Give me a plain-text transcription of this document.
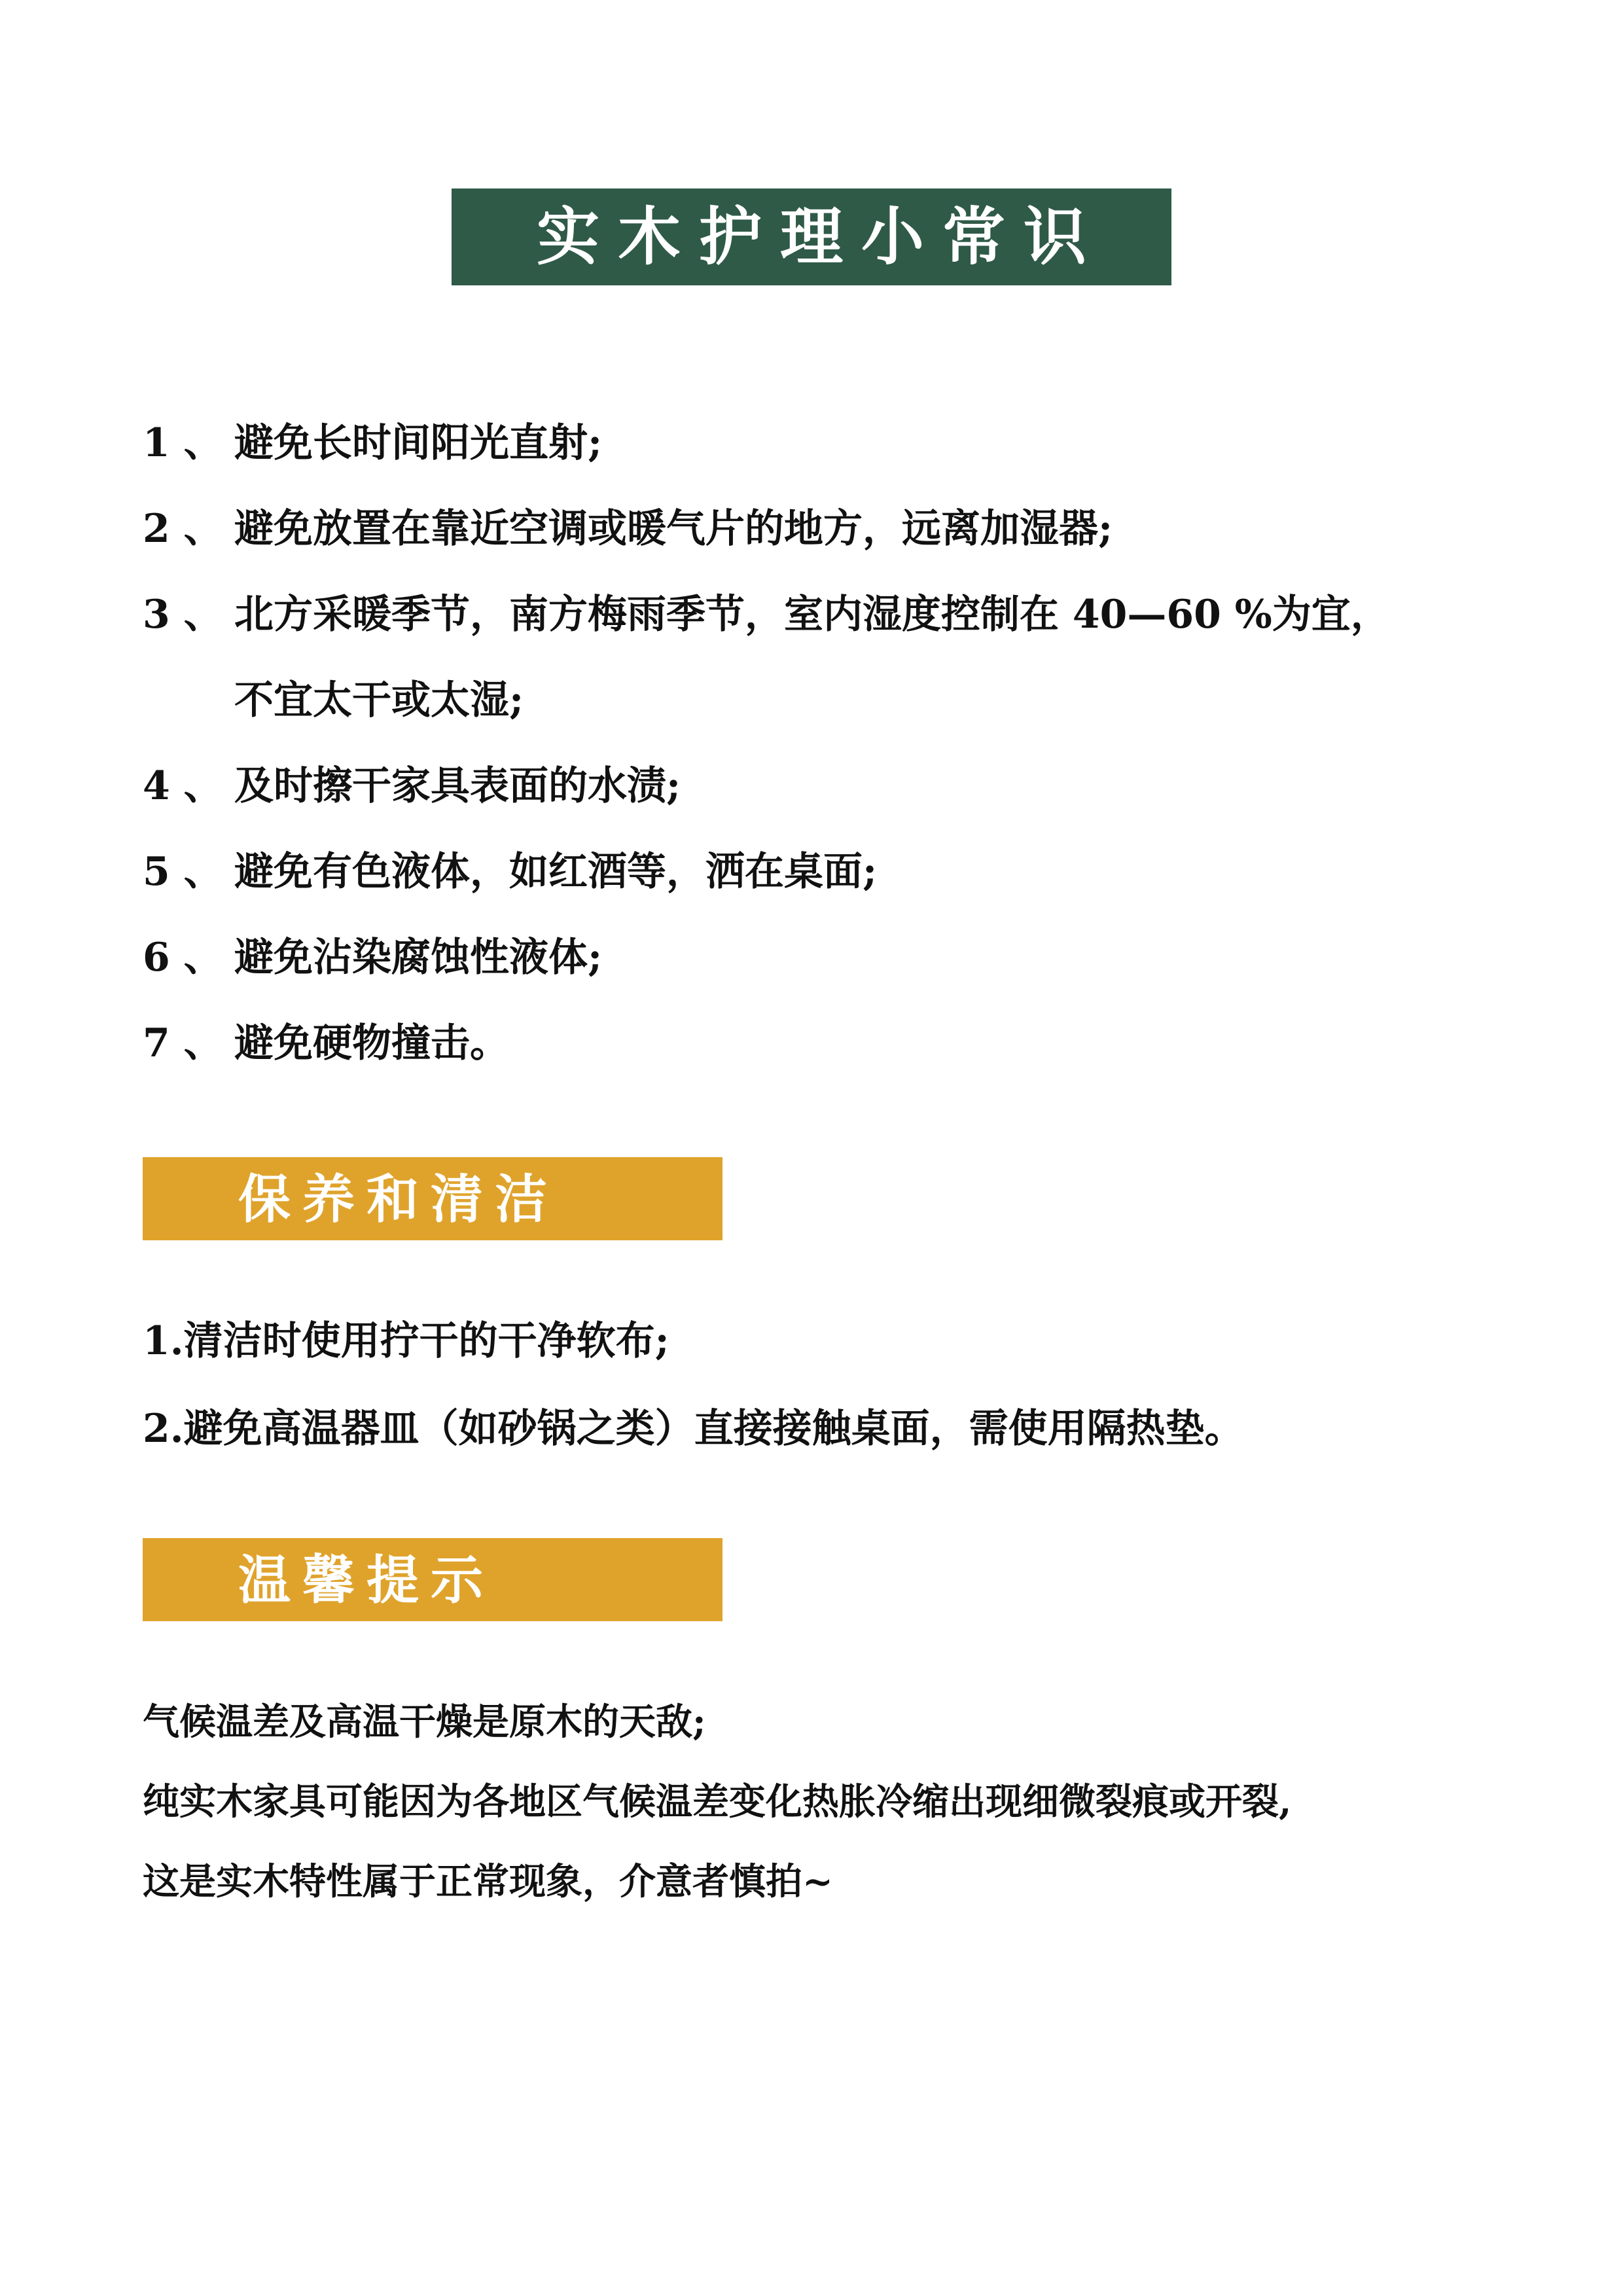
实木护理小常识
1 、 避免长时间阳光直射;
2 、 避免放置在靠近空调或暖气片的地方，远离加湿器;
3 、 北方采暖季节，南方梅雨季节，室内湿度控制在 40—60 %为宜，
不宜太干或太湿;
4 、 及时擦干家具表面的水渍;
5 、 避免有色液体，如红酒等，洒在桌面;
6 、 避免沾染腐蚀性液体;
7 、 避免硬物撞击。
保养和清洁
1.清洁时使用拧干的干净软布;
2.避免高温器皿（如砂锅之类）直接接触桌面，需使用隔热垫。
温馨提示
气候温差及高温干燥是原木的天敌;
纯实木家具可能因为各地区气候温差变化热胀冷缩出现细微裂痕或开裂,
这是实木特性属于正常现象，介意者慎拍~
